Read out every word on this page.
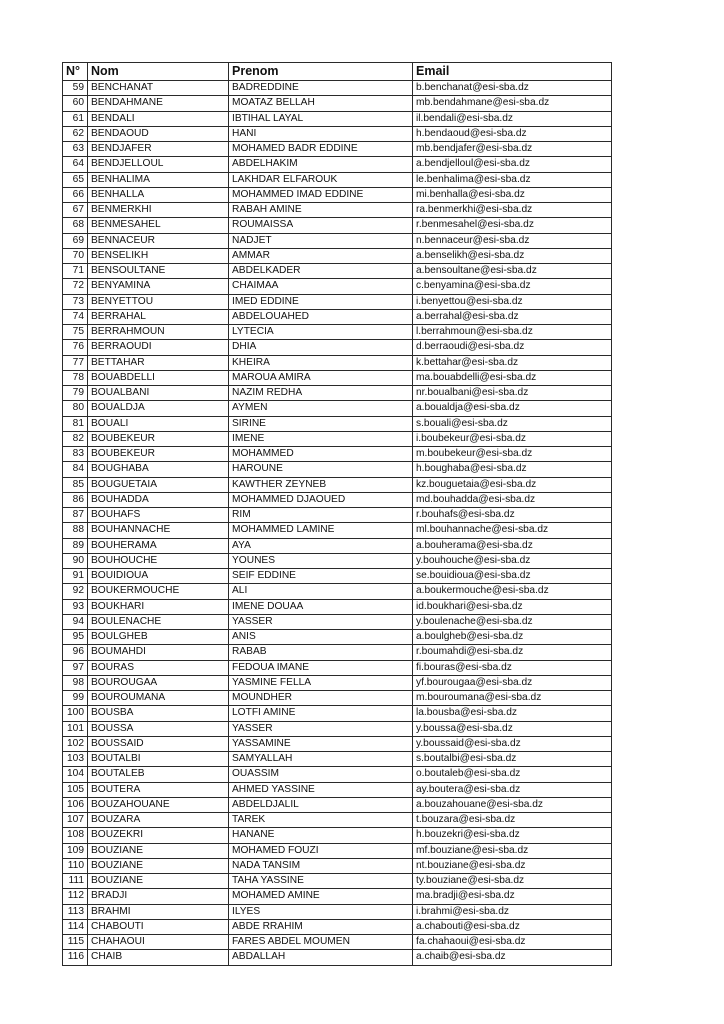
N°	Nom	Prenom	Email
59	BENCHANAT	BADREDDINE	b.benchanat@esi-sba.dz
60	BENDAHMANE	MOATAZ BELLAH	mb.bendahmane@esi-sba.dz
61	BENDALI	IBTIHAL LAYAL	il.bendali@esi-sba.dz
62	BENDAOUD	HANI	h.bendaoud@esi-sba.dz
63	BENDJAFER	MOHAMED BADR EDDINE	mb.bendjafer@esi-sba.dz
64	BENDJELLOUL	ABDELHAKIM	a.bendjelloul@esi-sba.dz
65	BENHALIMA	LAKHDAR ELFAROUK	le.benhalima@esi-sba.dz
66	BENHALLA	MOHAMMED IMAD EDDINE	mi.benhalla@esi-sba.dz
67	BENMERKHI	RABAH AMINE	ra.benmerkhi@esi-sba.dz
68	BENMESAHEL	ROUMAISSA	r.benmesahel@esi-sba.dz
69	BENNACEUR	NADJET	n.bennaceur@esi-sba.dz
70	BENSELIKH	AMMAR	a.benselikh@esi-sba.dz
71	BENSOULTANE	ABDELKADER	a.bensoultane@esi-sba.dz
72	BENYAMINA	CHAIMAA	c.benyamina@esi-sba.dz
73	BENYETTOU	IMED EDDINE	i.benyettou@esi-sba.dz
74	BERRAHAL	ABDELOUAHED	a.berrahal@esi-sba.dz
75	BERRAHMOUN	LYTECIA	l.berrahmoun@esi-sba.dz
76	BERRAOUDI	DHIA	d.berraoudi@esi-sba.dz
77	BETTAHAR	KHEIRA	k.bettahar@esi-sba.dz
78	BOUABDELLI	MAROUA AMIRA	ma.bouabdelli@esi-sba.dz
79	BOUALBANI	NAZIM REDHA	nr.boualbani@esi-sba.dz
80	BOUALDJA	AYMEN	a.boualdja@esi-sba.dz
81	BOUALI	SIRINE	s.bouali@esi-sba.dz
82	BOUBEKEUR	IMENE	i.boubekeur@esi-sba.dz
83	BOUBEKEUR	MOHAMMED	m.boubekeur@esi-sba.dz
84	BOUGHABA	HAROUNE	h.boughaba@esi-sba.dz
85	BOUGUETAIA	KAWTHER ZEYNEB	kz.bouguetaia@esi-sba.dz
86	BOUHADDA	MOHAMMED DJAOUED	md.bouhadda@esi-sba.dz
87	BOUHAFS	RIM	r.bouhafs@esi-sba.dz
88	BOUHANNACHE	MOHAMMED LAMINE	ml.bouhannache@esi-sba.dz
89	BOUHERAMA	AYA	a.bouherama@esi-sba.dz
90	BOUHOUCHE	YOUNES	y.bouhouche@esi-sba.dz
91	BOUIDIOUA	SEIF EDDINE	se.bouidioua@esi-sba.dz
92	BOUKERMOUCHE	ALI	a.boukermouche@esi-sba.dz
93	BOUKHARI	IMENE DOUAA	id.boukhari@esi-sba.dz
94	BOULENACHE	YASSER	y.boulenache@esi-sba.dz
95	BOULGHEB	ANIS	a.boulgheb@esi-sba.dz
96	BOUMAHDI	RABAB	r.boumahdi@esi-sba.dz
97	BOURAS	FEDOUA IMANE	fi.bouras@esi-sba.dz
98	BOUROUGAA	YASMINE FELLA	yf.bourougaa@esi-sba.dz
99	BOUROUMANA	MOUNDHER	m.bouroumana@esi-sba.dz
100	BOUSBA	LOTFI AMINE	la.bousba@esi-sba.dz
101	BOUSSA	YASSER	y.boussa@esi-sba.dz
102	BOUSSAID	YASSAMINE	y.boussaid@esi-sba.dz
103	BOUTALBI	SAMYALLAH	s.boutalbi@esi-sba.dz
104	BOUTALEB	OUASSIM	o.boutaleb@esi-sba.dz
105	BOUTERA	AHMED YASSINE	ay.boutera@esi-sba.dz
106	BOUZAHOUANE	ABDELDJALIL	a.bouzahouane@esi-sba.dz
107	BOUZARA	TAREK	t.bouzara@esi-sba.dz
108	BOUZEKRI	HANANE	h.bouzekri@esi-sba.dz
109	BOUZIANE	MOHAMED FOUZI	mf.bouziane@esi-sba.dz
110	BOUZIANE	NADA TANSIM	nt.bouziane@esi-sba.dz
111	BOUZIANE	TAHA YASSINE	ty.bouziane@esi-sba.dz
112	BRADJI	MOHAMED AMINE	ma.bradji@esi-sba.dz
113	BRAHMI	ILYES	i.brahmi@esi-sba.dz
114	CHABOUTI	ABDE RRAHIM	a.chabouti@esi-sba.dz
115	CHAHAOUI	FARES ABDEL MOUMEN	fa.chahaoui@esi-sba.dz
116	CHAIB	ABDALLAH	a.chaib@esi-sba.dz
